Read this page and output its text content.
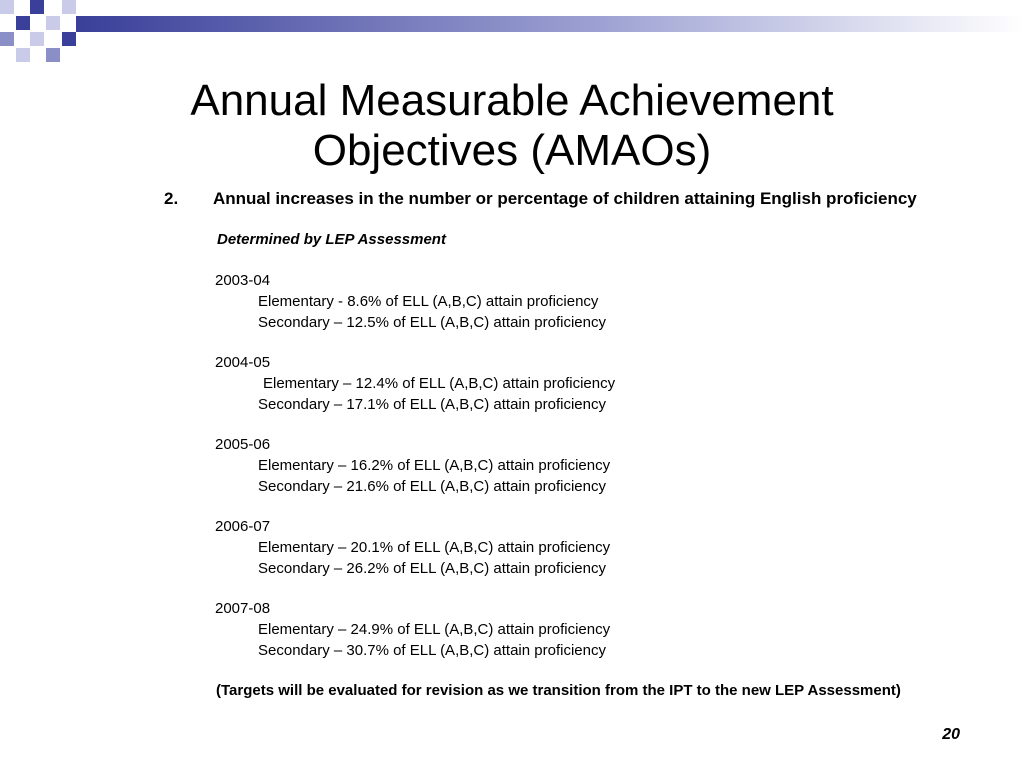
Annual Measurable Achievement
Objectives (AMAOs)
2. Annual increases in the number or percentage of children attaining English proficiency
Determined by LEP Assessment
2003-04
Elementary - 8.6% of ELL (A,B,C) attain proficiency
Secondary – 12.5% of ELL (A,B,C) attain proficiency
2004-05
Elementary – 12.4% of ELL (A,B,C) attain proficiency
Secondary – 17.1% of ELL (A,B,C) attain proficiency
2005-06
Elementary – 16.2% of ELL (A,B,C) attain proficiency
Secondary – 21.6% of ELL (A,B,C) attain proficiency
2006-07
Elementary – 20.1% of ELL (A,B,C) attain proficiency
Secondary – 26.2% of ELL (A,B,C) attain proficiency
2007-08
Elementary – 24.9% of ELL (A,B,C) attain proficiency
Secondary – 30.7% of ELL (A,B,C) attain proficiency
(Targets will be evaluated for revision as we transition from the IPT to the new LEP Assessment)
20
